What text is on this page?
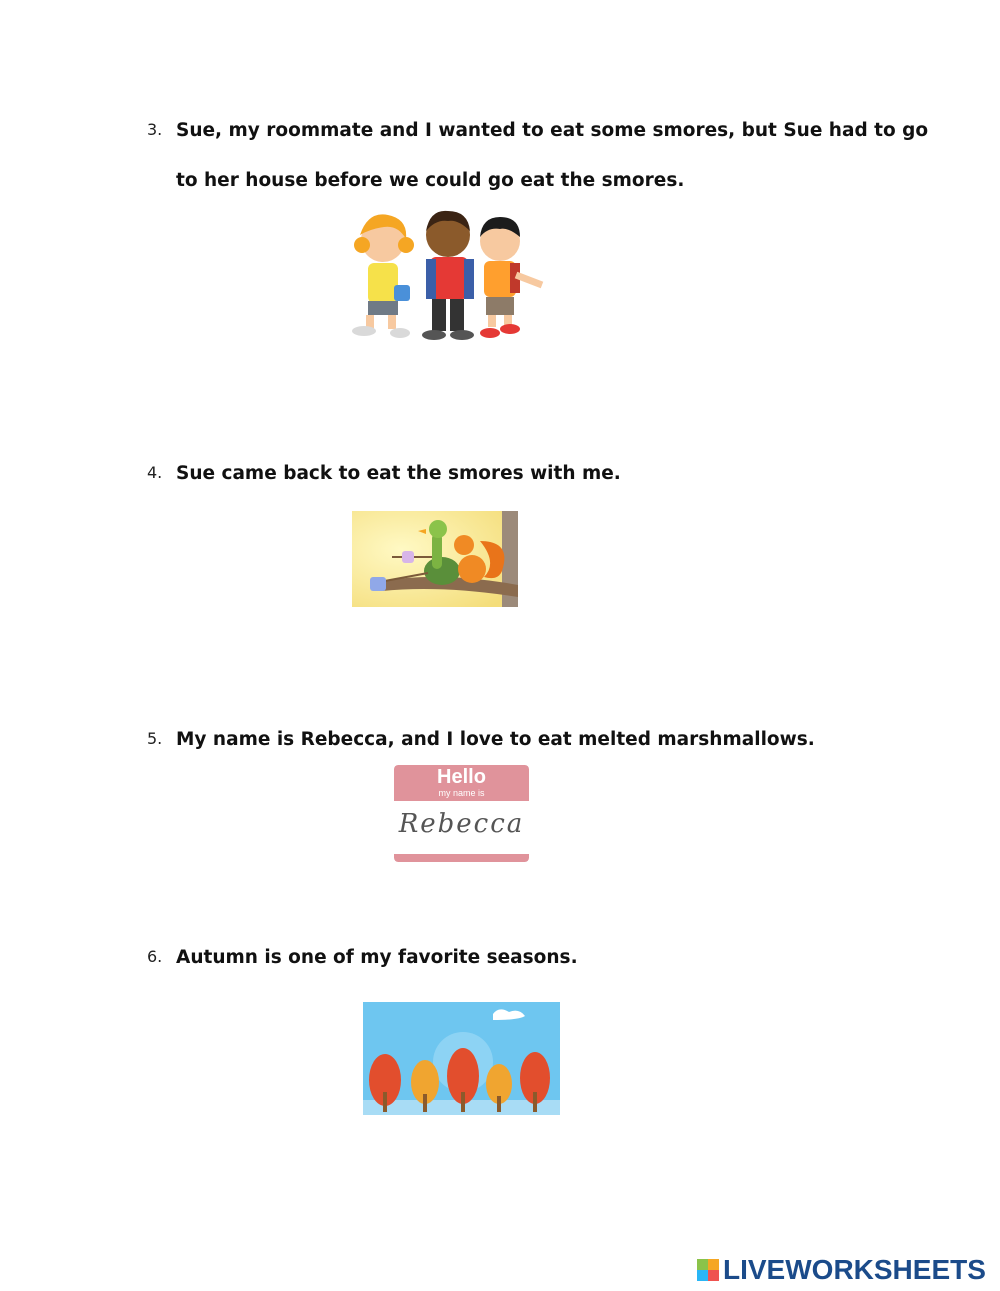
3. Sue, my roommate and I wanted to eat some smores, but Sue had to go
to her house before we could go eat the smores.
4. Sue came back to eat the smores with me.
5. My name is Rebecca, and I love to eat melted marshmallows.
Hello
my name is
Rebecca
6. Autumn is one of my favorite seasons.
LIVEWORKSHEETS
